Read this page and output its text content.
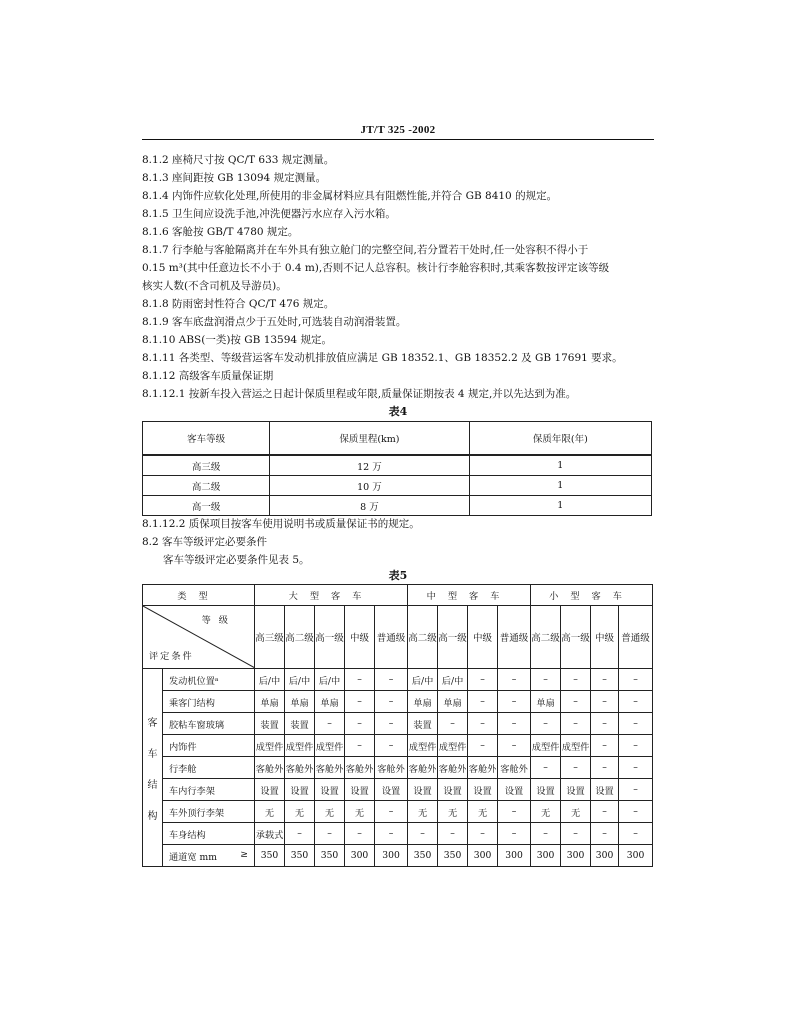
JT/T 325 -2002
8.1.2 座椅尺寸按 QC/T 633 规定测量。
8.1.3 座间距按 GB 13094 规定测量。
8.1.4 内饰件应软化处理,所使用的非金属材料应具有阻燃性能,并符合 GB 8410 的规定。
8.1.5 卫生间应设洗手池,冲洗便器污水应存入污水箱。
8.1.6 客舱按 GB/T 4780 规定。
8.1.7 行李舱与客舱隔离并在车外具有独立舱门的完整空间,若分置若干处时,任一处容积不得小于
0.15 m³(其中任意边长不小于 0.4 m),否则不记人总容积。核计行李舱容积时,其乘客数按评定该等级
核实人数(不含司机及导游员)。
8.1.8 防雨密封性符合 QC/T 476 规定。
8.1.9 客车底盘润滑点少于五处时,可选装自动润滑装置。
8.1.10 ABS(一类)按 GB 13594 规定。
8.1.11 各类型、等级营运客车发动机排放值应满足 GB 18352.1、GB 18352.2 及 GB 17691 要求。
8.1.12 高级客车质量保证期
8.1.12.1 按新车投入营运之日起计保质里程或年限,质量保证期按表 4 规定,并以先达到为准。
表4
客车等级	保质里程(km)	保质年限(年)
高三级	12 万	1
高二级	10 万	1
高一级	8 万	1
8.1.12.2 质保项目按客车使用说明书或质量保证书的规定。
8.2 客车等级评定必要条件
客车等级评定必要条件见表 5。
表5
类型		大型客车					中型客车				小型客车			

等级
评定条件		高三级	高二级	高一级	中级	普通级	高二级	高一级	中级	普通级	高二级	高一级	中级	普通级

客
车
结
构	发动机位置ᵃ	后/中	后/中	后/中	–	–	后/中	后/中	–	–	–	–	–	–
	乘客门结构	单扇	单扇	单扇	–	–	单扇	单扇	–	–	单扇	–	–	–
	胶粘车窗玻璃	装置	装置	–	–	–	装置	–	–	–	–	–	–	–
	内饰件	成型件	成型件	成型件	–	–	成型件	成型件	–	–	成型件	成型件	–	–
	行李舱	客舱外	客舱外	客舱外	客舱外	客舱外	客舱外	客舱外	客舱外	客舱外	–	–	–	–
	车内行李架	设置	设置	设置	设置	设置	设置	设置	设置	设置	设置	设置	设置	–
	车外顶行李架	无	无	无	无	–	无	无	无	–	无	无	–	–
	车身结构	承载式	–	–	–	–	–	–	–	–	–	–	–	–
	通道宽 mm ≥	350	350	350	300	300	350	350	300	300	300	300	300	300
